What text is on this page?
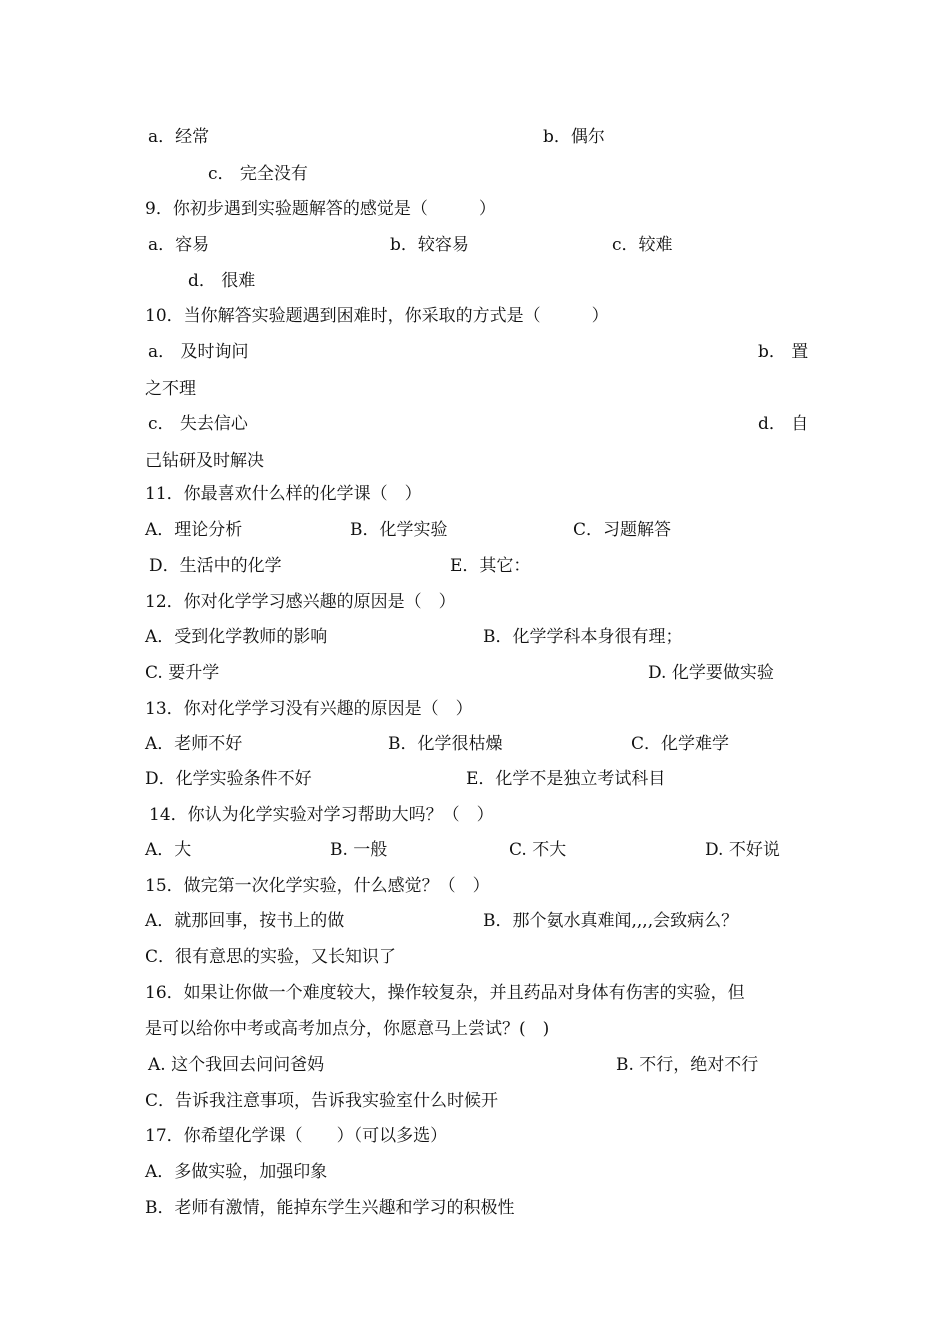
a．经常	b．偶尔
c． 完全没有
9．你初步遇到实验题解答的感觉是（　　　）
a．容易	b．较容易	c．较难
d． 很难
10．当你解答实验题遇到困难时，你采取的方式是（　　　）
a． 及时询问	b． 置
之不理
c． 失去信心	d． 自
己钻研及时解决
11．你最喜欢什么样的化学课（　）
A．理论分析	B．化学实验	C．习题解答
D．生活中的化学	E．其它：
12．你对化学学习感兴趣的原因是（　）
A．受到化学教师的影响	B．化学学科本身很有理；
C. 要升学	D. 化学要做实验
13．你对化学学习没有兴趣的原因是（　）
A．老师不好	B．化学很枯燥	C．化学难学
D．化学实验条件不好	E．化学不是独立考试科目
14．你认为化学实验对学习帮助大吗？（　）
A．大	B. 一般	C. 不大	D. 不好说
15．做完第一次化学实验，什么感觉？（　）
A．就那回事，按书上的做	B．那个氨水真难闻,,,,会致病么？
C．很有意思的实验，又长知识了
16．如果让你做一个难度较大，操作较复杂，并且药品对身体有伤害的实验，但
是可以给你中考或高考加点分，你愿意马上尝试？(　)
A. 这个我回去问问爸妈	B. 不行，绝对不行
C．告诉我注意事项，告诉我实验室什么时候开
17．你希望化学课（　　）（可以多选）
A．多做实验，加强印象
B．老师有激情，能掉东学生兴趣和学习的积极性
